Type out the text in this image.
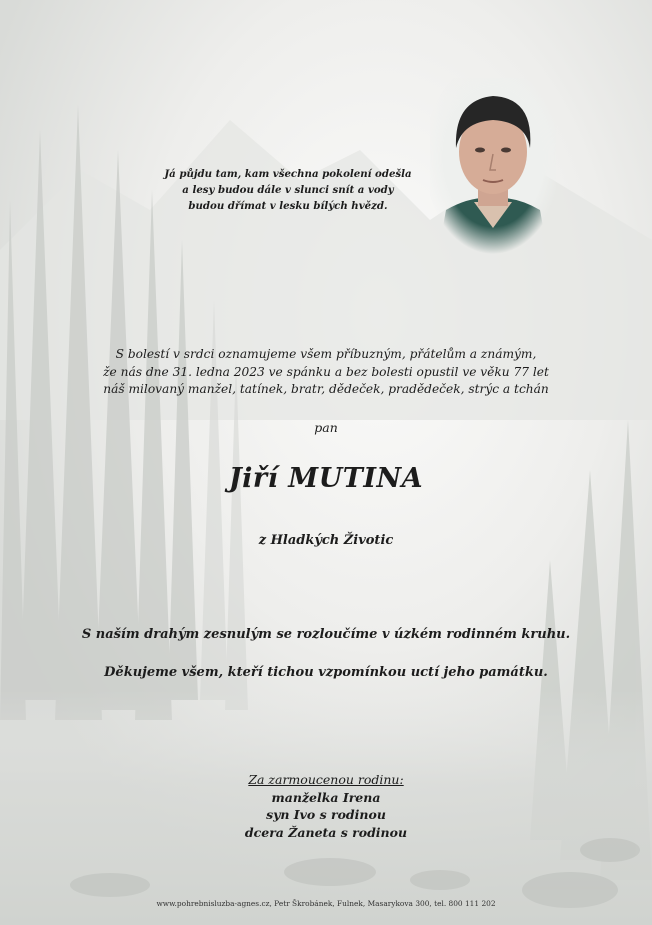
Já půjdu tam, kam všechna pokolení odešla
a lesy budou dále v slunci snít a vody
budou dřímat v lesku bílých hvězd.
S bolestí v srdci oznamujeme všem příbuzným, přátelům a známým,
že nás dne 31. ledna 2023 ve spánku a bez bolesti opustil ve věku 77 let
náš milovaný manžel, tatínek, bratr, dědeček, pradědeček, strýc a tchán
pan
Jiří MUTINA
z Hladkých Životic
S naším drahým zesnulým se rozloučíme v úzkém rodinném kruhu.
Děkujeme všem, kteří tichou vzpomínkou uctí jeho památku.
Za zarmoucenou rodinu:
manželka Irena
syn Ivo s rodinou
dcera Žaneta s rodinou
www.pohrebnisluzba-agnes.cz, Petr Škrobánek, Fulnek, Masarykova 300, tel. 800 111 202
